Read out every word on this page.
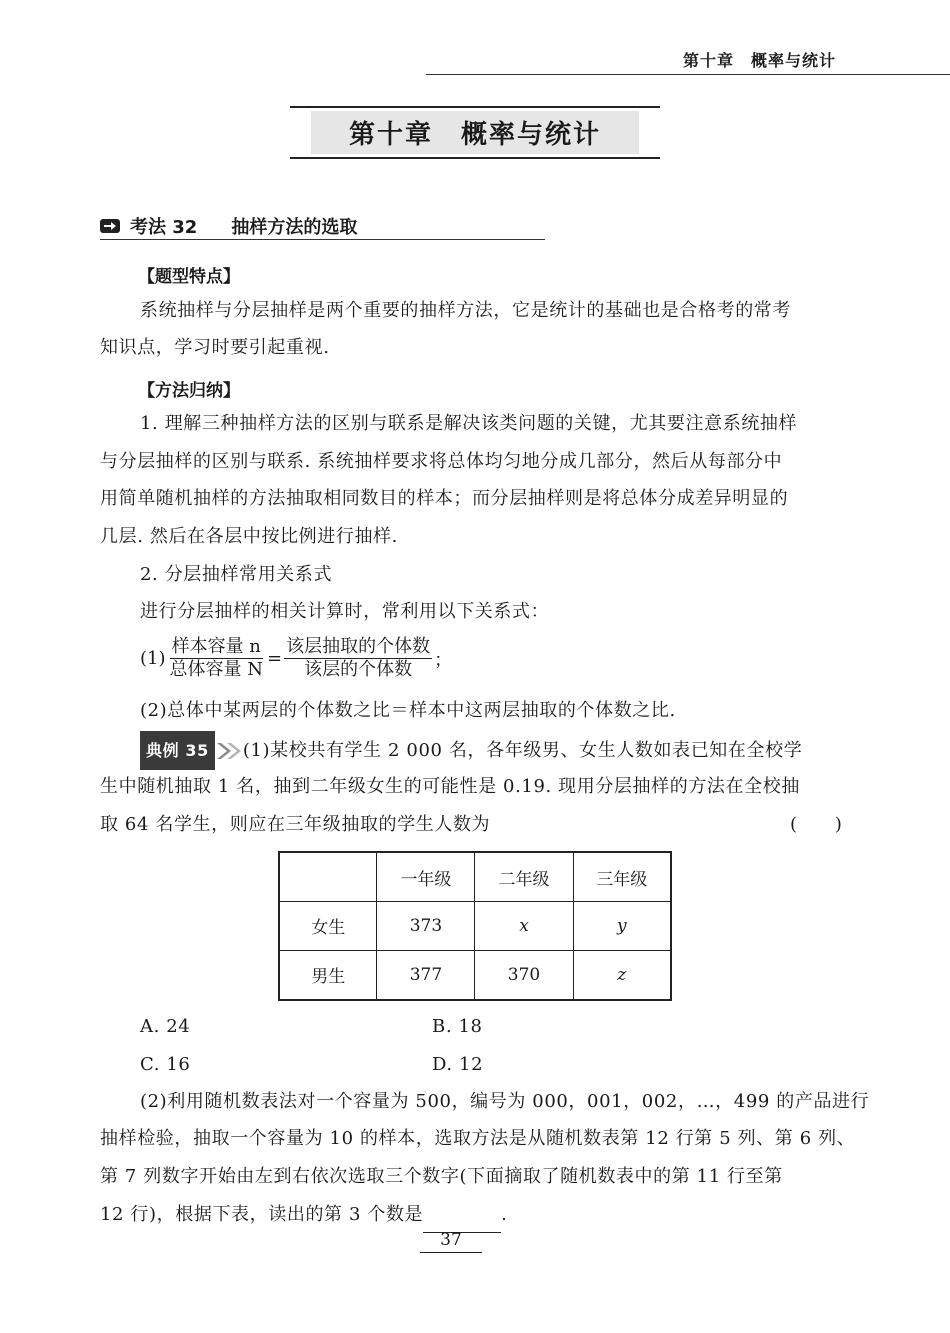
第十章　概率与统计
第十章　概率与统计
考法 32 抽样方法的选取
【题型特点】
系统抽样与分层抽样是两个重要的抽样方法，它是统计的基础也是合格考的常考
知识点，学习时要引起重视.
【方法归纳】
1. 理解三种抽样方法的区别与联系是解决该类问题的关键，尤其要注意系统抽样
与分层抽样的区别与联系. 系统抽样要求将总体均匀地分成几部分，然后从每部分中
用简单随机抽样的方法抽取相同数目的样本；而分层抽样则是将总体分成差异明显的
几层. 然后在各层中按比例进行抽样.
2. 分层抽样常用关系式
进行分层抽样的相关计算时，常利用以下关系式：
$(1) \frac{\text{样本容量 n}}{\text{总体容量 N}} = \frac{\text{该层抽取的个体数}}{\text{该层的个体数}}$ ；
(2)总体中某两层的个体数之比＝样本中这两层抽取的个体数之比.
典例 35	(1)某校共有学生 2 000 名，各年级男、女生人数如表已知在全校学
生中随机抽取 1 名，抽到二年级女生的可能性是 0.19. 现用分层抽样的方法在全校抽
取 64 名学生，则应在三年级抽取的学生人数为	(　　)
	一年级	二年级	三年级
女生	373	x	y
男生	377	370	z
A. 24	B. 18
C. 16	D. 12
(2)利用随机数表法对一个容量为 500，编号为 000，001，002，…，499 的产品进行
抽样检验，抽取一个容量为 10 的样本，选取方法是从随机数表第 12 行第 5 列、第 6 列、
第 7 列数字开始由左到右依次选取三个数字(下面摘取了随机数表中的第 11 行至第
12 行)，根据下表，读出的第 3 个数是	.
37
